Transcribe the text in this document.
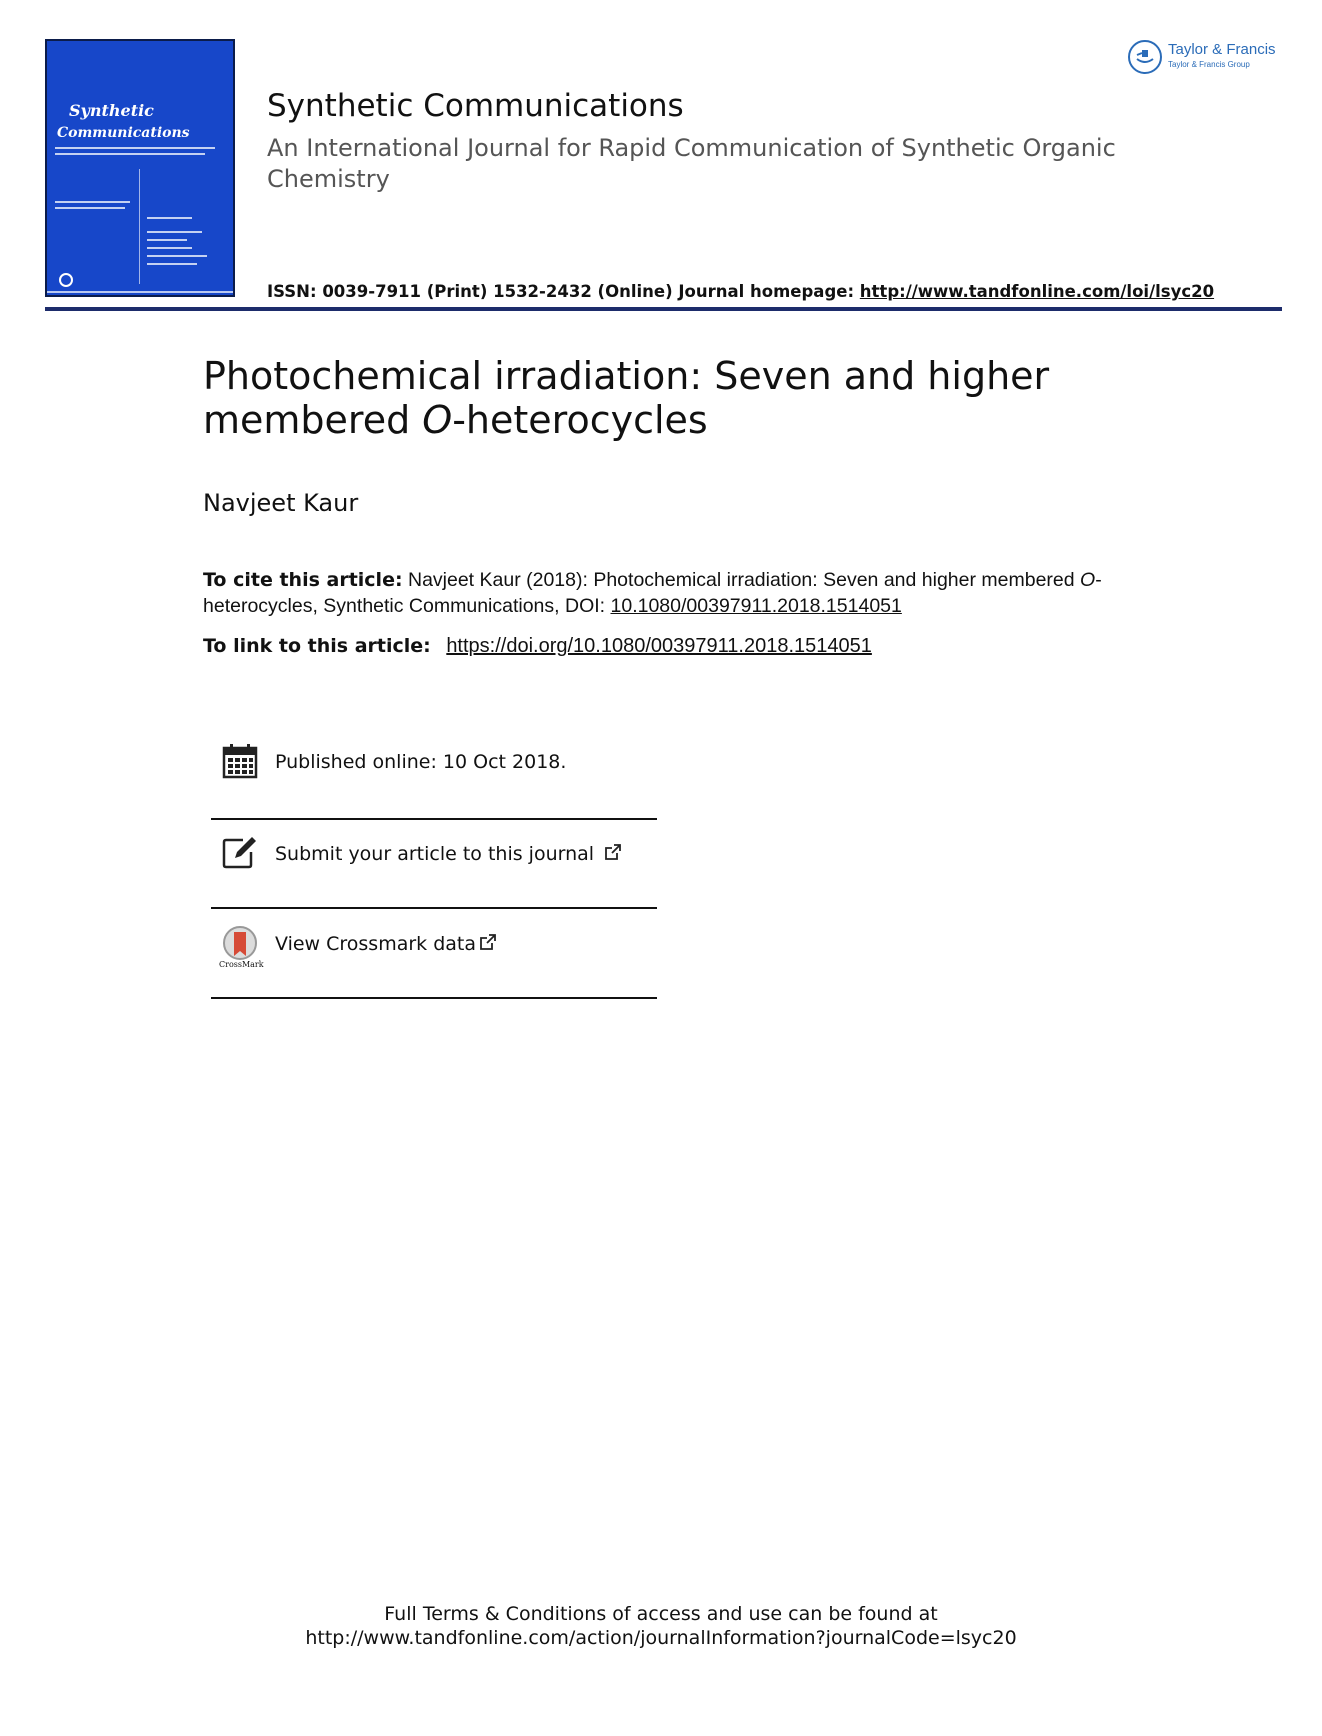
Synthetic
Communications
Synthetic Communications
An International Journal for Rapid Communication of Synthetic Organic Chemistry
ISSN: 0039-7911 (Print) 1532-2432 (Online) Journal homepage: http://www.tandfonline.com/loi/lsyc20
Taylor & Francis
Taylor & Francis Group
Photochemical irradiation: Seven and higher membered O-heterocycles
Navjeet Kaur
To cite this article: Navjeet Kaur (2018): Photochemical irradiation: Seven and higher membered O-heterocycles, Synthetic Communications, DOI: 10.1080/00397911.2018.1514051
To link to this article: https://doi.org/10.1080/00397911.2018.1514051
Published online: 10 Oct 2018.
Submit your article to this journal
CrossMark
View Crossmark data
Full Terms & Conditions of access and use can be found at
http://www.tandfonline.com/action/journalInformation?journalCode=lsyc20
